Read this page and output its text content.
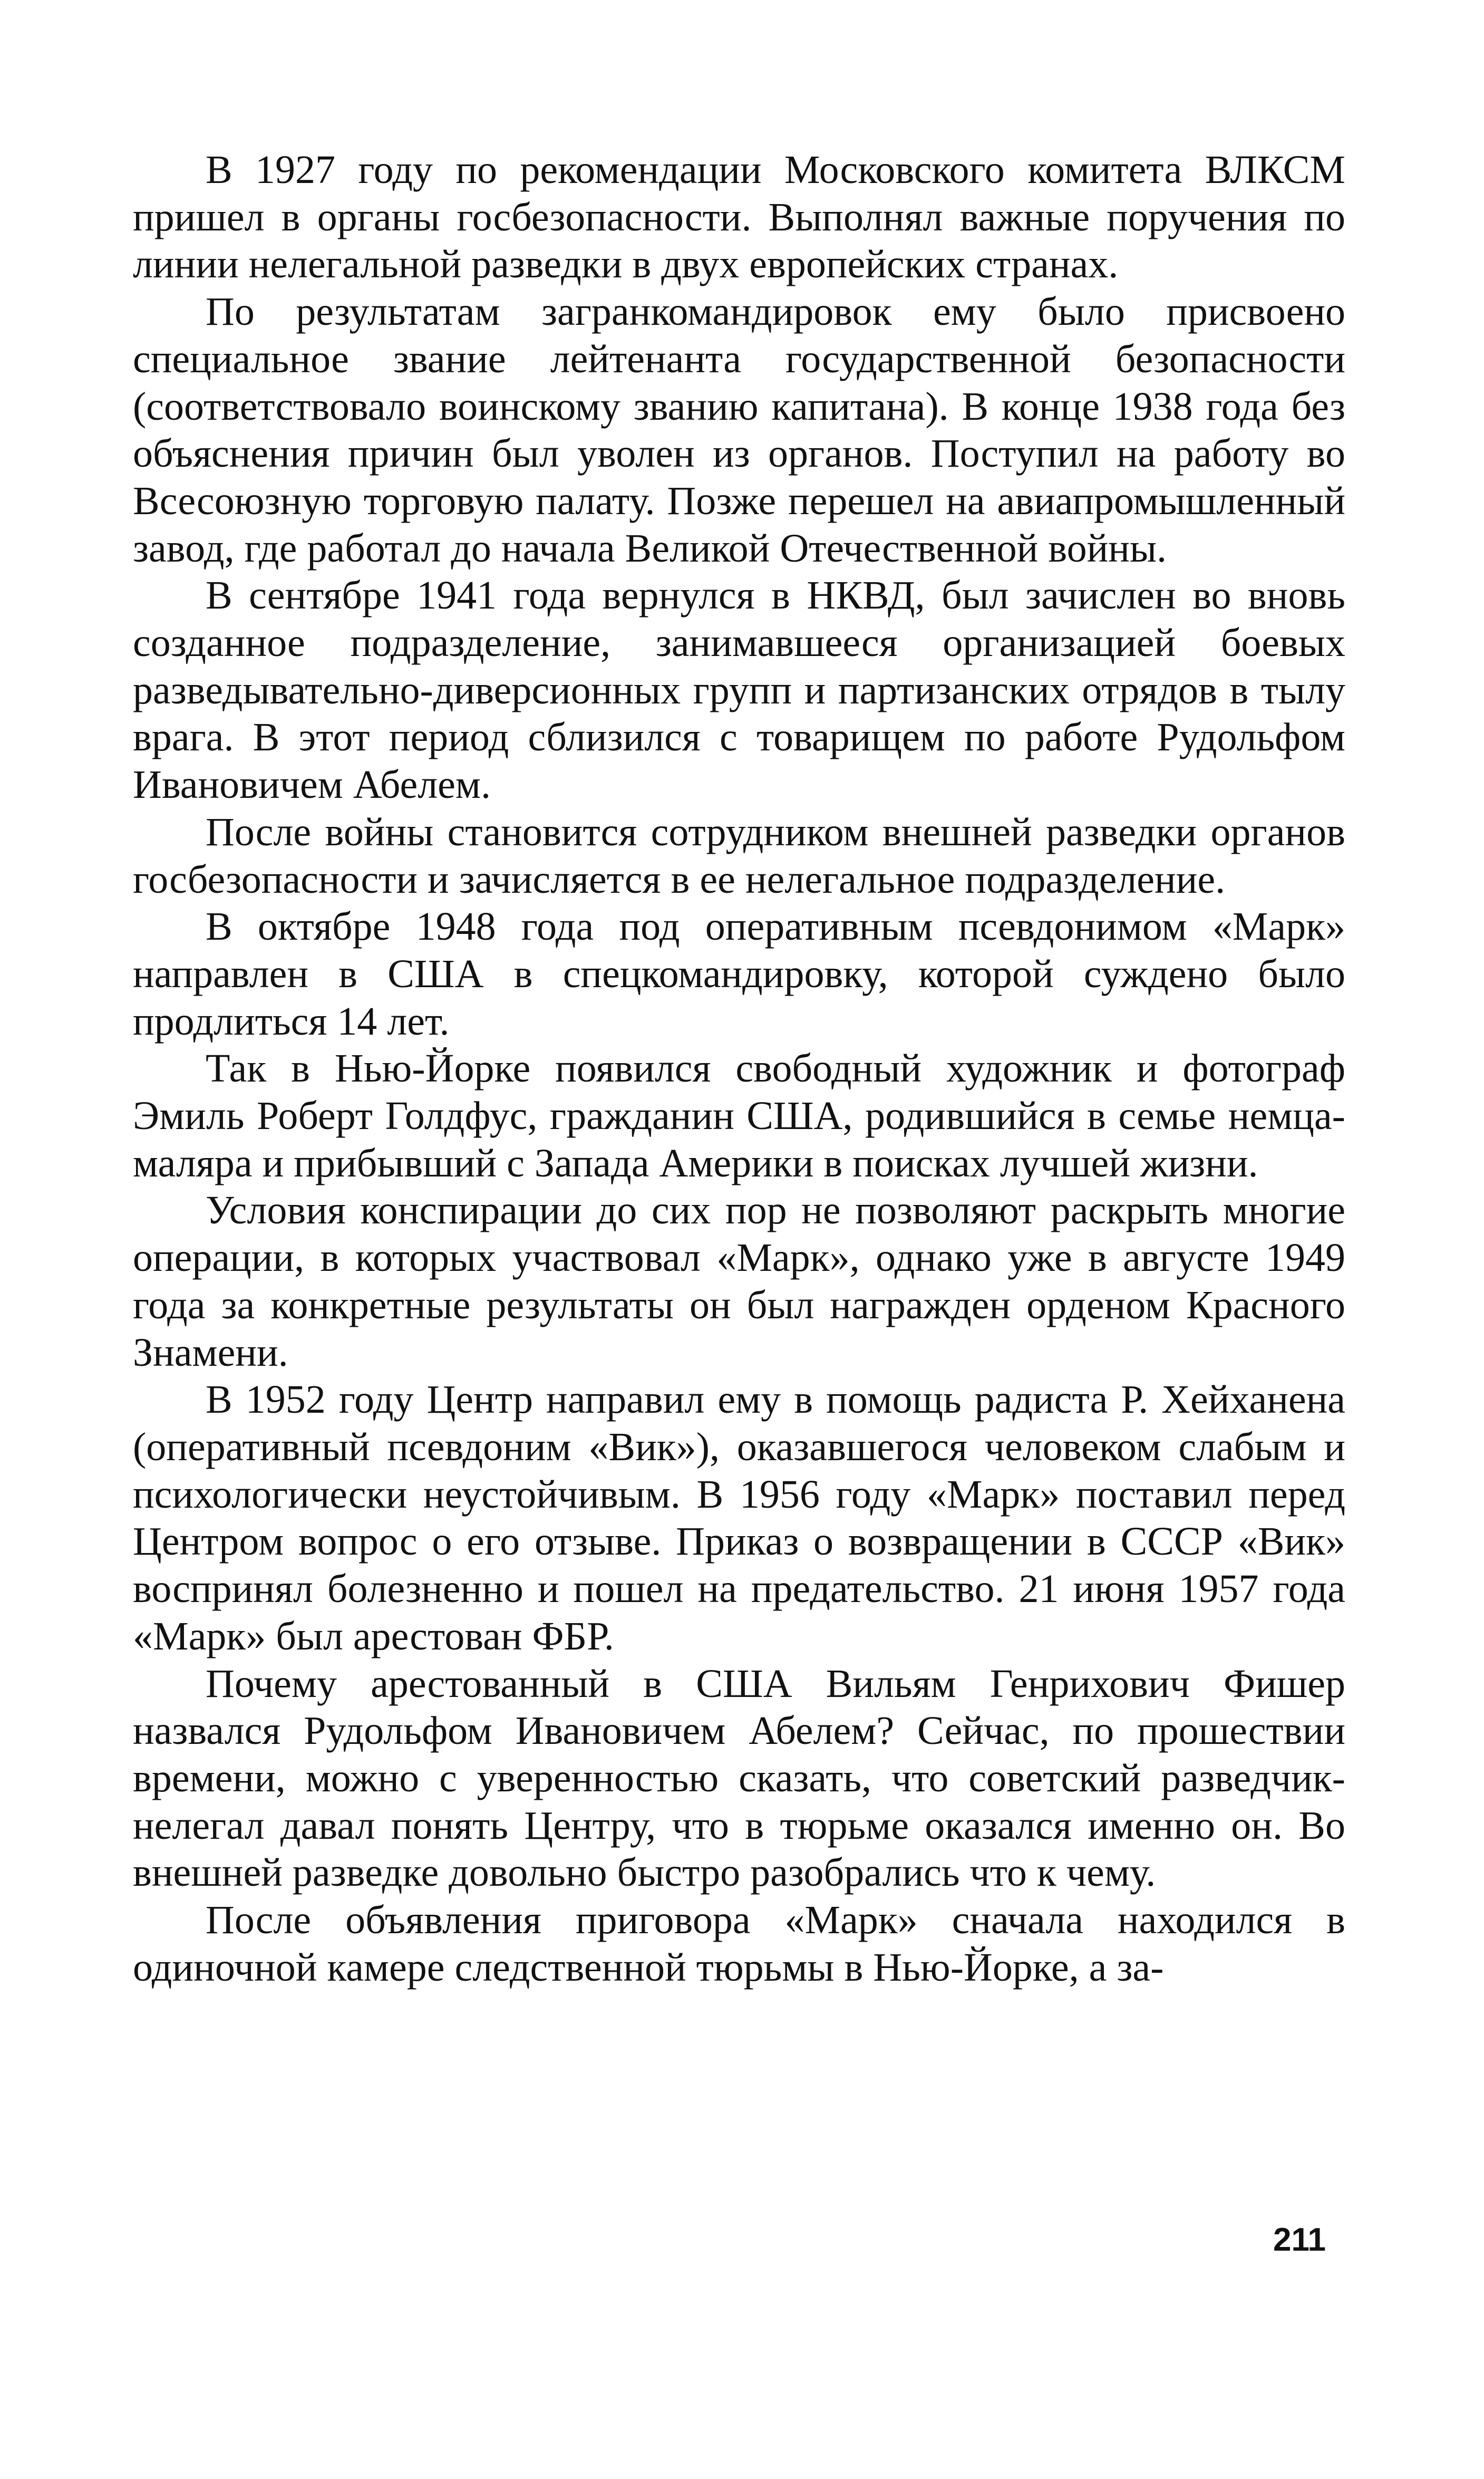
В 1927 году по рекомендации Московского комитета ВЛКСМ пришел в органы госбезопасности. Выполнял важные поручения по линии нелегальной разведки в двух европейских странах.

По результатам загранкомандировок ему было присвоено специальное звание лейтенанта государственной безопасности (соответствовало воинскому званию капитана). В конце 1938 года без объяснения причин был уволен из органов. Поступил на работу во Всесоюзную торговую палату. Позже перешел на авиапромышленный завод, где работал до начала Великой Отечественной войны.

В сентябре 1941 года вернулся в НКВД, был зачислен во вновь созданное подразделение, занимавшееся организацией боевых разведывательно-диверсионных групп и партизанских отрядов в тылу врага. В этот период сблизился с товарищем по работе Рудольфом Ивановичем Абелем.

После войны становится сотрудником внешней разведки органов госбезопасности и зачисляется в ее нелегальное подразделение.

В октябре 1948 года под оперативным псевдонимом «Марк» направлен в США в спецкомандировку, которой суждено было продлиться 14 лет.

Так в Нью-Йорке появился свободный художник и фотограф Эмиль Роберт Голдфус, гражданин США, родившийся в семье немца-маляра и прибывший с Запада Америки в поисках лучшей жизни.

Условия конспирации до сих пор не позволяют раскрыть многие операции, в которых участвовал «Марк», однако уже в августе 1949 года за конкретные результаты он был награжден орденом Красного Знамени.

В 1952 году Центр направил ему в помощь радиста Р. Хейханена (оперативный псевдоним «Вик»), оказавшегося человеком слабым и психологически неустойчивым. В 1956 году «Марк» поставил перед Центром вопрос о его отзыве. Приказ о возвращении в СССР «Вик» воспринял болезненно и пошел на предательство. 21 июня 1957 года «Марк» был арестован ФБР.

Почему арестованный в США Вильям Генрихович Фишер назвался Рудольфом Ивановичем Абелем? Сейчас, по прошествии времени, можно с уверенностью сказать, что советский разведчик-нелегал давал понять Центру, что в тюрьме оказался именно он. Во внешней разведке довольно быстро разобрались что к чему.

После объявления приговора «Марк» сначала находился в одиночной камере следственной тюрьмы в Нью-Йорке, а за-

211
